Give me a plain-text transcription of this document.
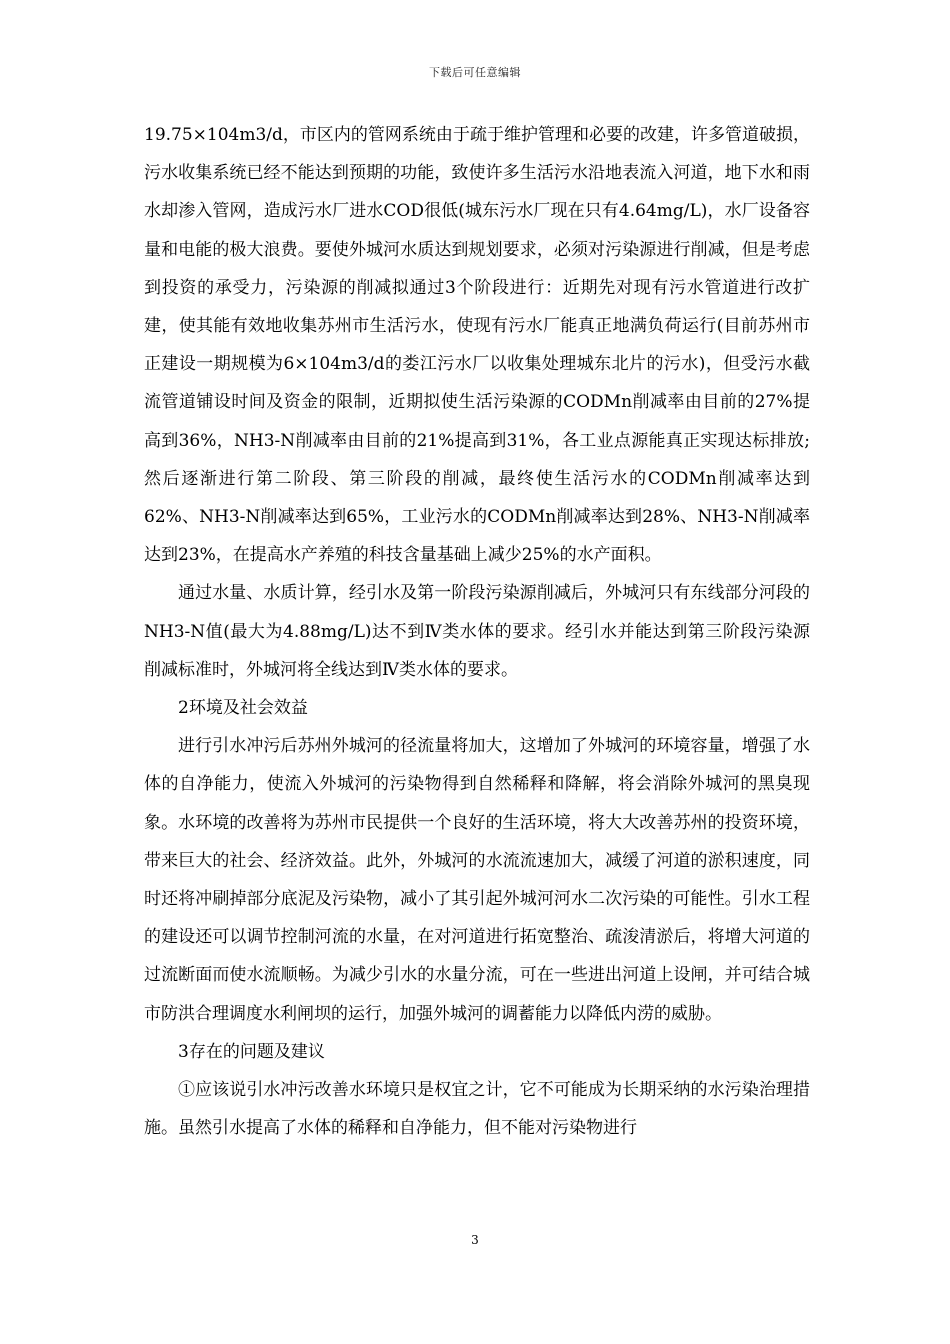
下载后可任意编辑

19.75×104m3/d，市区内的管网系统由于疏于维护管理和必要的改建，许多管道破损，污水收集系统已经不能达到预期的功能，致使许多生活污水沿地表流入河道，地下水和雨水却渗入管网，造成污水厂进水COD很低(城东污水厂现在只有4.64mg/L)，水厂设备容量和电能的极大浪费。要使外城河水质达到规划要求，必须对污染源进行削减，但是考虑到投资的承受力，污染源的削减拟通过3个阶段进行：近期先对现有污水管道进行改扩建，使其能有效地收集苏州市生活污水，使现有污水厂能真正地满负荷运行(目前苏州市正建设一期规模为6×104m3/d的娄江污水厂以收集处理城东北片的污水)，但受污水截流管道铺设时间及资金的限制，近期拟使生活污染源的CODMn削减率由目前的27%提高到36%，NH3-N削减率由目前的21%提高到31%，各工业点源能真正实现达标排放;然后逐渐进行第二阶段、第三阶段的削减，最终使生活污水的CODMn削减率达到62%、NH3-N削减率达到65%，工业污水的CODMn削减率达到28%、NH3-N削减率达到23%，在提高水产养殖的科技含量基础上减少25%的水产面积。

通过水量、水质计算，经引水及第一阶段污染源削减后，外城河只有东线部分河段的NH3-N值(最大为4.88mg/L)达不到Ⅳ类水体的要求。经引水并能达到第三阶段污染源削减标准时，外城河将全线达到Ⅳ类水体的要求。

2环境及社会效益

进行引水冲污后苏州外城河的径流量将加大，这增加了外城河的环境容量，增强了水体的自净能力，使流入外城河的污染物得到自然稀释和降解，将会消除外城河的黑臭现象。水环境的改善将为苏州市民提供一个良好的生活环境，将大大改善苏州的投资环境，带来巨大的社会、经济效益。此外，外城河的水流流速加大，减缓了河道的淤积速度，同时还将冲刷掉部分底泥及污染物，减小了其引起外城河河水二次污染的可能性。引水工程的建设还可以调节控制河流的水量，在对河道进行拓宽整治、疏浚清淤后，将增大河道的过流断面而使水流顺畅。为减少引水的水量分流，可在一些进出河道上设闸，并可结合城市防洪合理调度水利闸坝的运行，加强外城河的调蓄能力以降低内涝的威胁。

3存在的问题及建议

①应该说引水冲污改善水环境只是权宜之计，它不可能成为长期采纳的水污染治理措施。虽然引水提高了水体的稀释和自净能力，但不能对污染物进行

3
